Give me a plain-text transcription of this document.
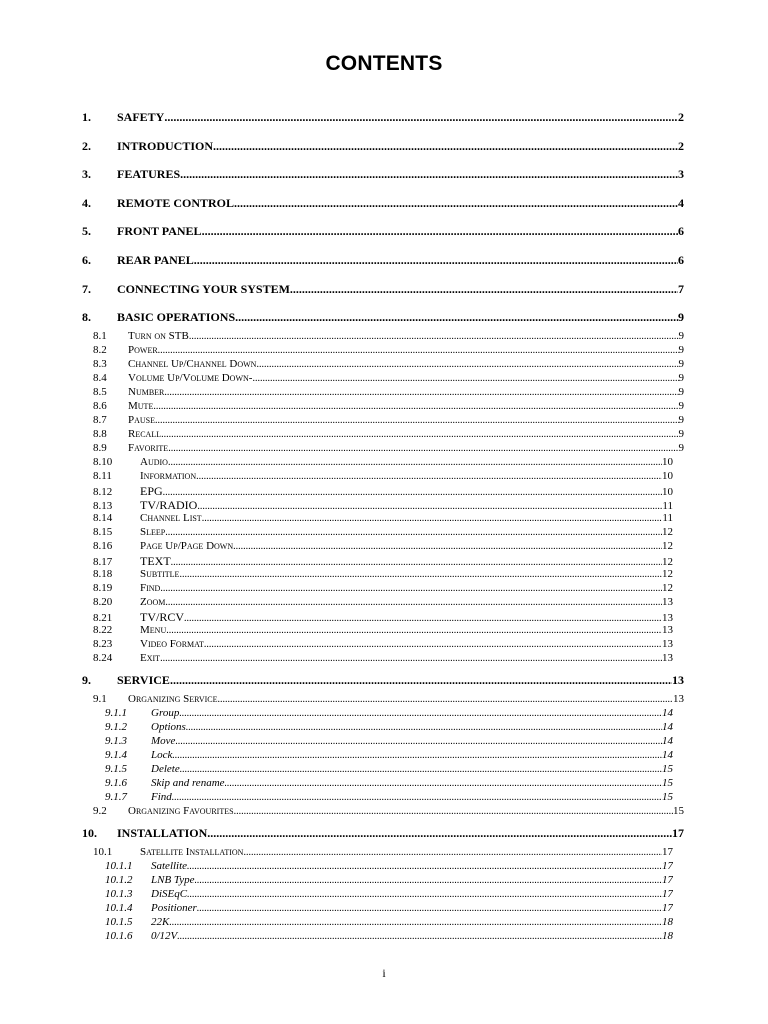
CONTENTS
1.	SAFETY .....	2
2.	INTRODUCTION .....	2
3.	FEATURES .....	3
4.	REMOTE CONTROL .....	4
5.	FRONT PANEL .....	6
6.	REAR PANEL .....	6
7.	CONNECTING YOUR SYSTEM .....	7
8.	BASIC OPERATIONS .....	9
8.1	Turn on STB .....	9
8.2	Power .....	9
8.3	Channel Up/Channel Down .....	9
8.4	Volume Up/Volume Down- .....	9
8.5	Number .....	9
8.6	Mute .....	9
8.7	Pause .....	9
8.8	Recall .....	9
8.9	Favorite .....	9
8.10	Audio .....	10
8.11	Information .....	10
8.12	EPG .....	10
8.13	TV/RADIO .....	11
8.14	Channel List .....	11
8.15	Sleep .....	12
8.16	Page Up/Page Down .....	12
8.17	TEXT .....	12
8.18	Subtitle .....	12
8.19	Find .....	12
8.20	Zoom .....	13
8.21	TV/RCV .....	13
8.22	Menu .....	13
8.23	Video Format .....	13
8.24	Exit .....	13
9.	SERVICE .....	13
9.1	Organizing Service .....	13
9.1.1	Group .....	14
9.1.2	Options .....	14
9.1.3	Move .....	14
9.1.4	Lock .....	14
9.1.5	Delete .....	15
9.1.6	Skip and rename .....	15
9.1.7	Find .....	15
9.2	Organizing Favourites .....	15
10.	INSTALLATION .....	17
10.1	Satellite Installation .....	17
10.1.1	Satellite .....	17
10.1.2	LNB Type .....	17
10.1.3	DiSEqC .....	17
10.1.4	Positioner .....	17
10.1.5	22K .....	18
10.1.6	0/12V .....	18
i
